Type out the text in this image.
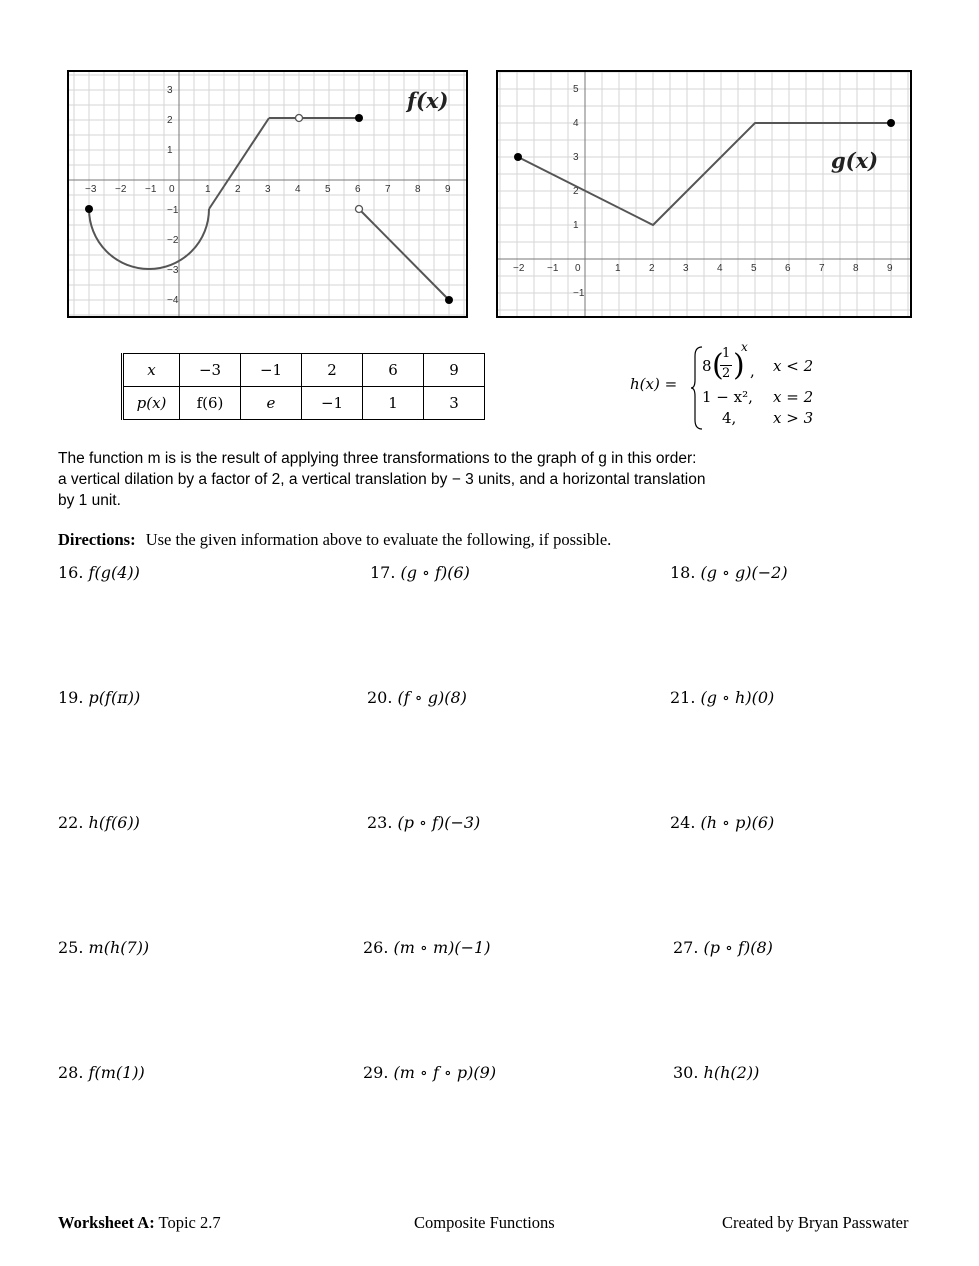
−3 −2 −1 0	1 2 3 4 5 6 7 8 9
3
2
1
−1
−2
−3
−4
f(x)
−2 −1 0	1	2	3	4	5	6	7	8	9
5
4
3
2
1
−1
g(x)
x	−3	−1	2	6	9
p(x)	f(6)	e	−1	1	3
h(x) =
8 (
1
2 )
x
, x < 2
1 − x², x = 2
4, x > 3
The function m is is the result of applying three transformations to the graph of g in this order:
a vertical dilation by a factor of 2, a vertical translation by − 3 units, and a horizontal translation
by 1 unit.
Directions: Use the given information above to evaluate the following, if possible.
16. f(g(4))	17. (g ∘ f)(6)	18. (g ∘ g)(−2)
19. p(f(π))	20. (f ∘ g)(8)	21. (g ∘ h)(0)
22. h(f(6))	23. (p ∘ f)(−3)	24. (h ∘ p)(6)
25. m(h(7))	26. (m ∘ m)(−1)	27. (p ∘ f)(8)
28. f(m(1))	29. (m ∘ f ∘ p)(9)	30. h(h(2))
Worksheet A: Topic 2.7	Composite Functions	Created by Bryan Passwater
